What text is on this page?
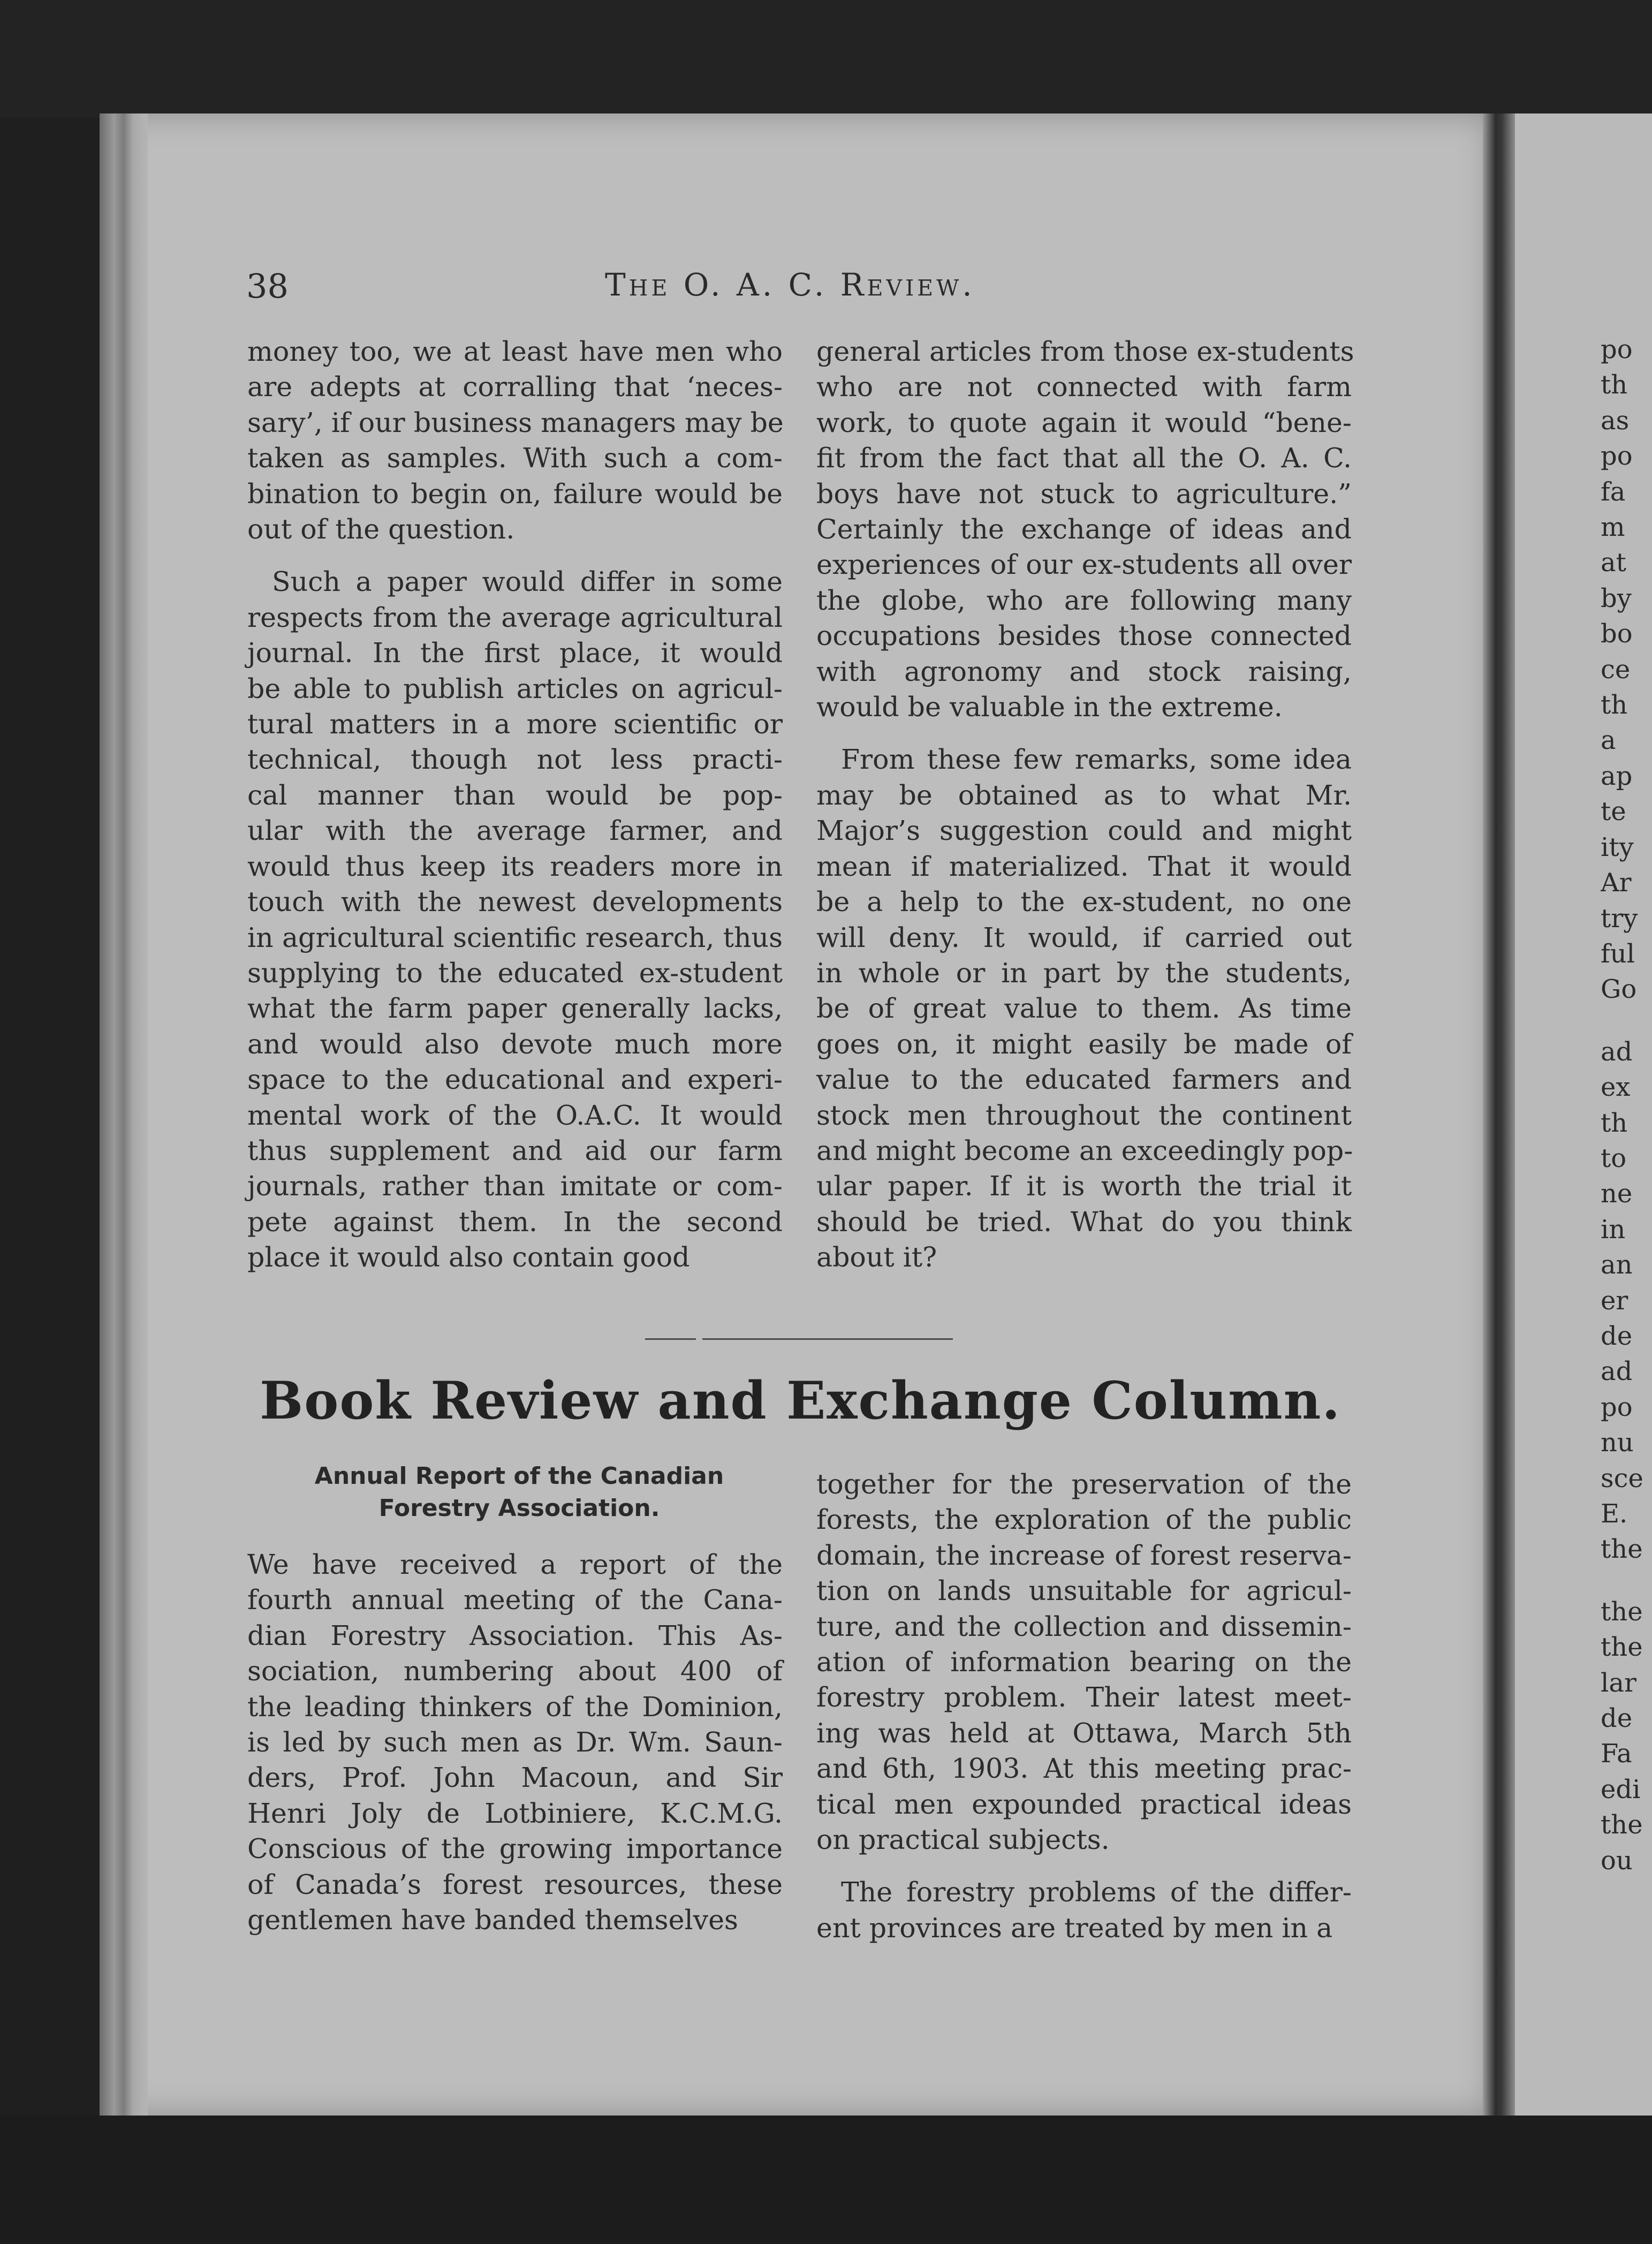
38	The O. A. C. Review.
money too, we at least have men who
are adepts at corralling that ‘neces-
sary’, if our business managers may be
taken as samples. With such a com-
bination to begin on, failure would be
out of the question.
Such a paper would differ in some
respects from the average agricultural
journal. In the first place, it would
be able to publish articles on agricul-
tural matters in a more scientific or
technical, though not less practi-
cal manner than would be pop-
ular with the average farmer, and
would thus keep its readers more in
touch with the newest developments
in agricultural scientific research, thus
supplying to the educated ex-student
what the farm paper generally lacks,
and would also devote much more
space to the educational and experi-
mental work of the O.A.C. It would
thus supplement and aid our farm
journals, rather than imitate or com-
pete against them. In the second
place it would also contain good
general articles from those ex-students
who are not connected with farm
work, to quote again it would “bene-
fit from the fact that all the O. A. C.
boys have not stuck to agriculture.”
Certainly the exchange of ideas and
experiences of our ex-students all over
the globe, who are following many
occupations besides those connected
with agronomy and stock raising,
would be valuable in the extreme.
From these few remarks, some idea
may be obtained as to what Mr.
Major’s suggestion could and might
mean if materialized. That it would
be a help to the ex-student, no one
will deny. It would, if carried out
in whole or in part by the students,
be of great value to them. As time
goes on, it might easily be made of
value to the educated farmers and
stock men throughout the continent
and might become an exceedingly pop-
ular paper. If it is worth the trial it
should be tried. What do you think
about it?
Book Review and Exchange Column.
Annual Report of the Canadian
Forestry Association.
We have received a report of the
fourth annual meeting of the Cana-
dian Forestry Association. This As-
sociation, numbering about 400 of
the leading thinkers of the Dominion,
is led by such men as Dr. Wm. Saun-
ders, Prof. John Macoun, and Sir
Henri Joly de Lotbiniere, K.C.M.G.
Conscious of the growing importance
of Canada’s forest resources, these
gentlemen have banded themselves
together for the preservation of the
forests, the exploration of the public
domain, the increase of forest reserva-
tion on lands unsuitable for agricul-
ture, and the collection and dissemin-
ation of information bearing on the
forestry problem. Their latest meet-
ing was held at Ottawa, March 5th
and 6th, 1903. At this meeting prac-
tical men expounded practical ideas
on practical subjects.
The forestry problems of the differ-
ent provinces are treated by men in a
po
th
as
po
fa
m
at
by
bo
ce
th
a
ap
te
ity
Ar
try
ful
Go
ad
ex
th
to
ne
in
an
er
de
ad
po
nu
sce
E.
the
the
the
lar
de
Fa
edi
the
ou
